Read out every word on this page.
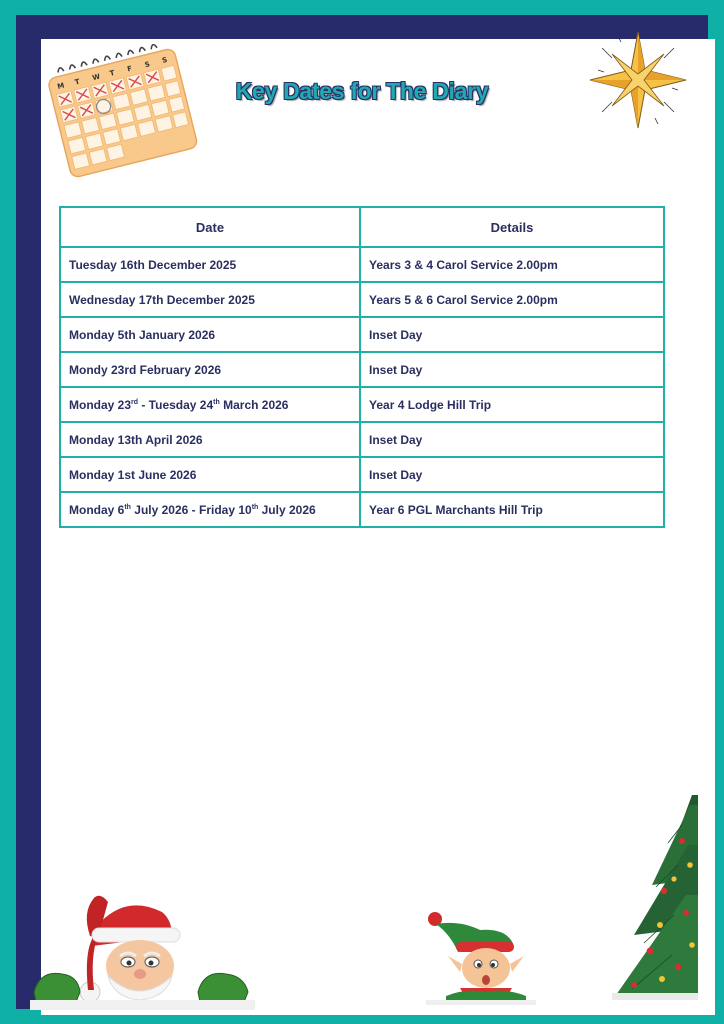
M T W T F S S
Key Dates for The Diary
Date	Details
Tuesday 16th December 2025	Years 3 & 4 Carol Service 2.00pm
Wednesday 17th December 2025	Years 5 & 6 Carol Service 2.00pm
Monday 5th January 2026	Inset Day
Mondy 23rd February 2026	Inset Day
Monday 23rd - Tuesday 24th March 2026	Year 4 Lodge Hill Trip
Monday 13th April 2026	Inset Day
Monday 1st June 2026	Inset Day
Monday 6th July 2026 - Friday 10th July 2026	Year 6 PGL Marchants Hill Trip
